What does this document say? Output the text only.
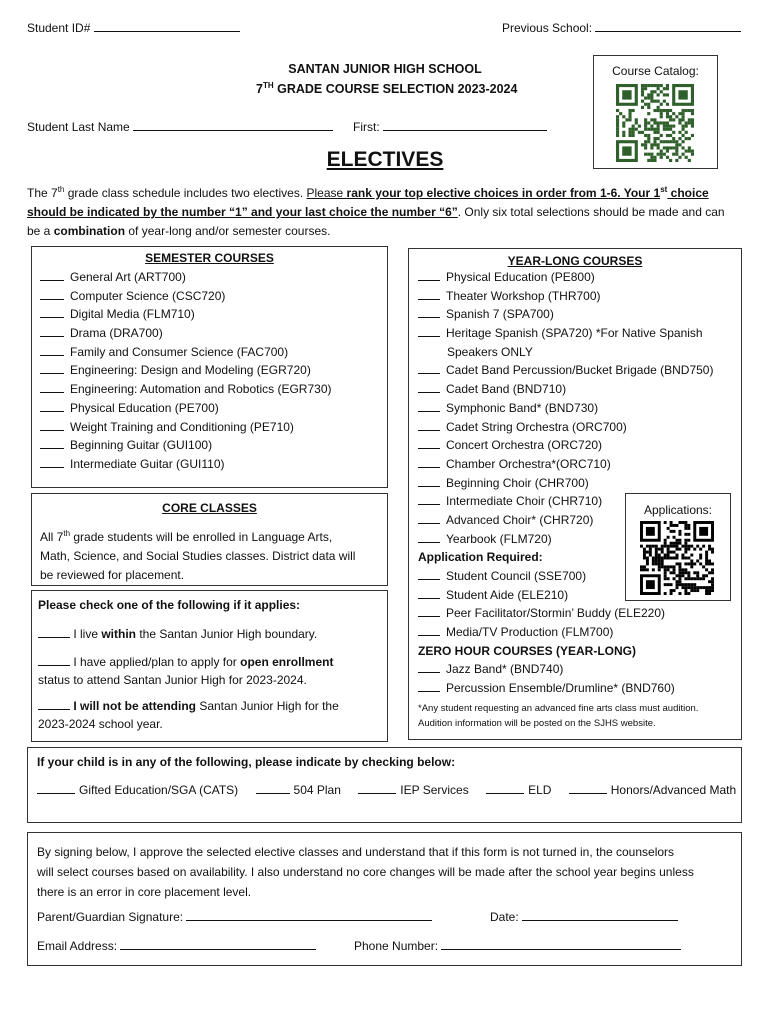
Student ID#	Previous School:
SANTAN JUNIOR HIGH SCHOOL
7TH GRADE COURSE SELECTION 2023-2024
Student Last Name	First:
Course Catalog:
ELECTIVES
The 7th grade class schedule includes two electives. Please rank your top elective choices in order from 1-6. Your 1st choice
should be indicated by the number “1” and your last choice the number “6”. Only six total selections should be made and can
be a combination of year-long and/or semester courses.
SEMESTER COURSES
General Art (ART700)
Computer Science (CSC720)
Digital Media (FLM710)
Drama (DRA700)
Family and Consumer Science (FAC700)
Engineering: Design and Modeling (EGR720)
Engineering: Automation and Robotics (EGR730)
Physical Education (PE700)
Weight Training and Conditioning (PE710)
Beginning Guitar (GUI100)
Intermediate Guitar (GUI110)
CORE CLASSES
All 7th grade students will be enrolled in Language Arts,
Math, Science, and Social Studies classes. District data will
be reviewed for placement.
Please check one of the following if it applies:
I live within the Santan Junior High boundary.
I have applied/plan to apply for open enrollment
status to attend Santan Junior High for 2023-2024.
I will not be attending Santan Junior High for the
2023-2024 school year.
YEAR-LONG COURSES
Physical Education (PE800)
Theater Workshop (THR700)
Spanish 7 (SPA700)
Heritage Spanish (SPA720) *For Native Spanish
Speakers ONLY
Cadet Band Percussion/Bucket Brigade (BND750)
Cadet Band (BND710)
Symphonic Band* (BND730)
Cadet String Orchestra (ORC700)
Concert Orchestra (ORC720)
Chamber Orchestra*(ORC710)
Beginning Choir (CHR700)
Intermediate Choir (CHR710)
Advanced Choir* (CHR720)
Yearbook (FLM720)
Application Required:
Student Council (SSE700)
Student Aide (ELE210)
Peer Facilitator/Stormin’ Buddy (ELE220)
Media/TV Production (FLM700)
ZERO HOUR COURSES (YEAR-LONG)
Jazz Band* (BND740)
Percussion Ensemble/Drumline* (BND760)
*Any student requesting an advanced fine arts class must audition.
Audition information will be posted on the SJHS website.
Applications:
If your child is in any of the following, please indicate by checking below:
Gifted Education/SGA (CATS)	504 Plan	IEP Services	ELD	Honors/Advanced Math
By signing below, I approve the selected elective classes and understand that if this form is not turned in, the counselors
will select courses based on availability. I also understand no core changes will be made after the school year begins unless
there is an error in core placement level.
Parent/Guardian Signature:	Date:
Email Address:	Phone Number:
